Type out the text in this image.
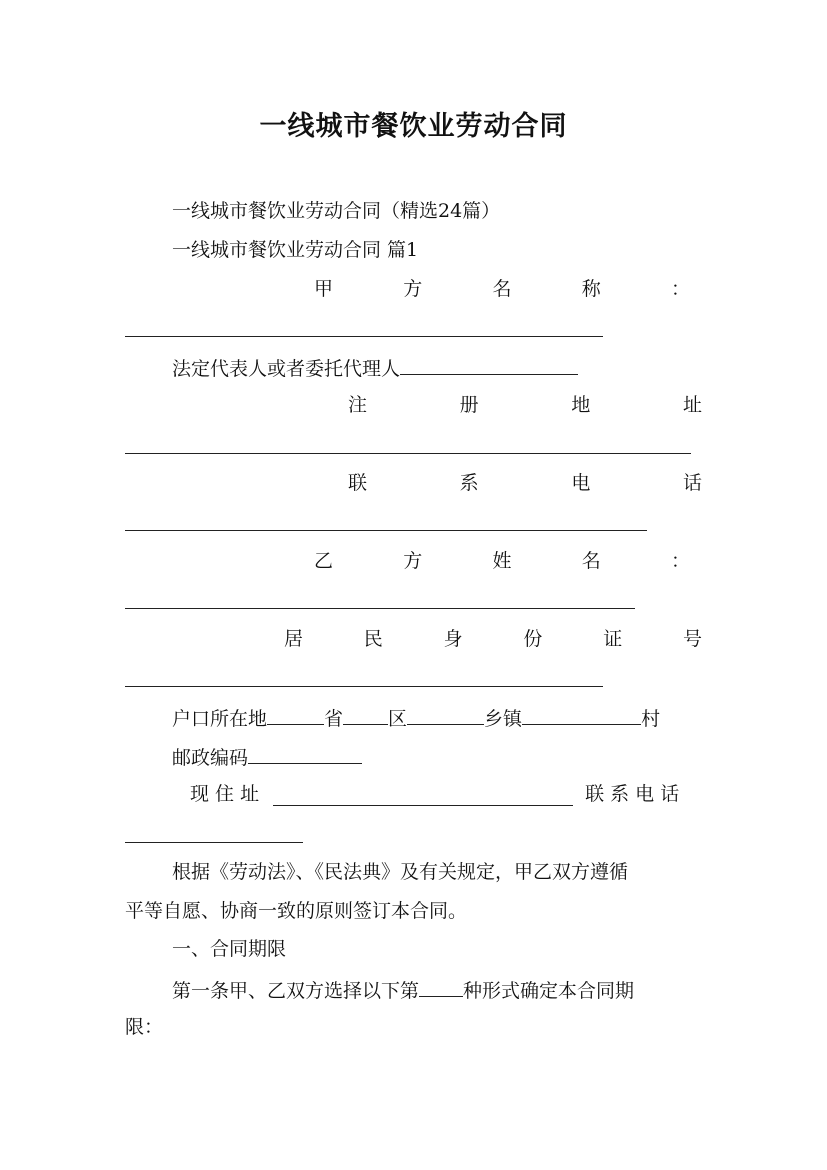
一线城市餐饮业劳动合同
一线城市餐饮业劳动合同（精选24篇）
一线城市餐饮业劳动合同 篇1
甲	方	名	称	：
法定代表人或者委托代理人
注	册	地	址
联	系	电	话
乙	方	姓	名	：
居	民	身	份	证	号
户口所在地	省 区	乡镇	村
邮政编码
现 住 址	联 系 电 话
根据《劳动法》、《民法典》及有关规定，甲乙双方遵循
平等自愿、协商一致的原则签订本合同。
一、合同期限
第一条甲、乙双方选择以下第 种形式确定本合同期
限：
